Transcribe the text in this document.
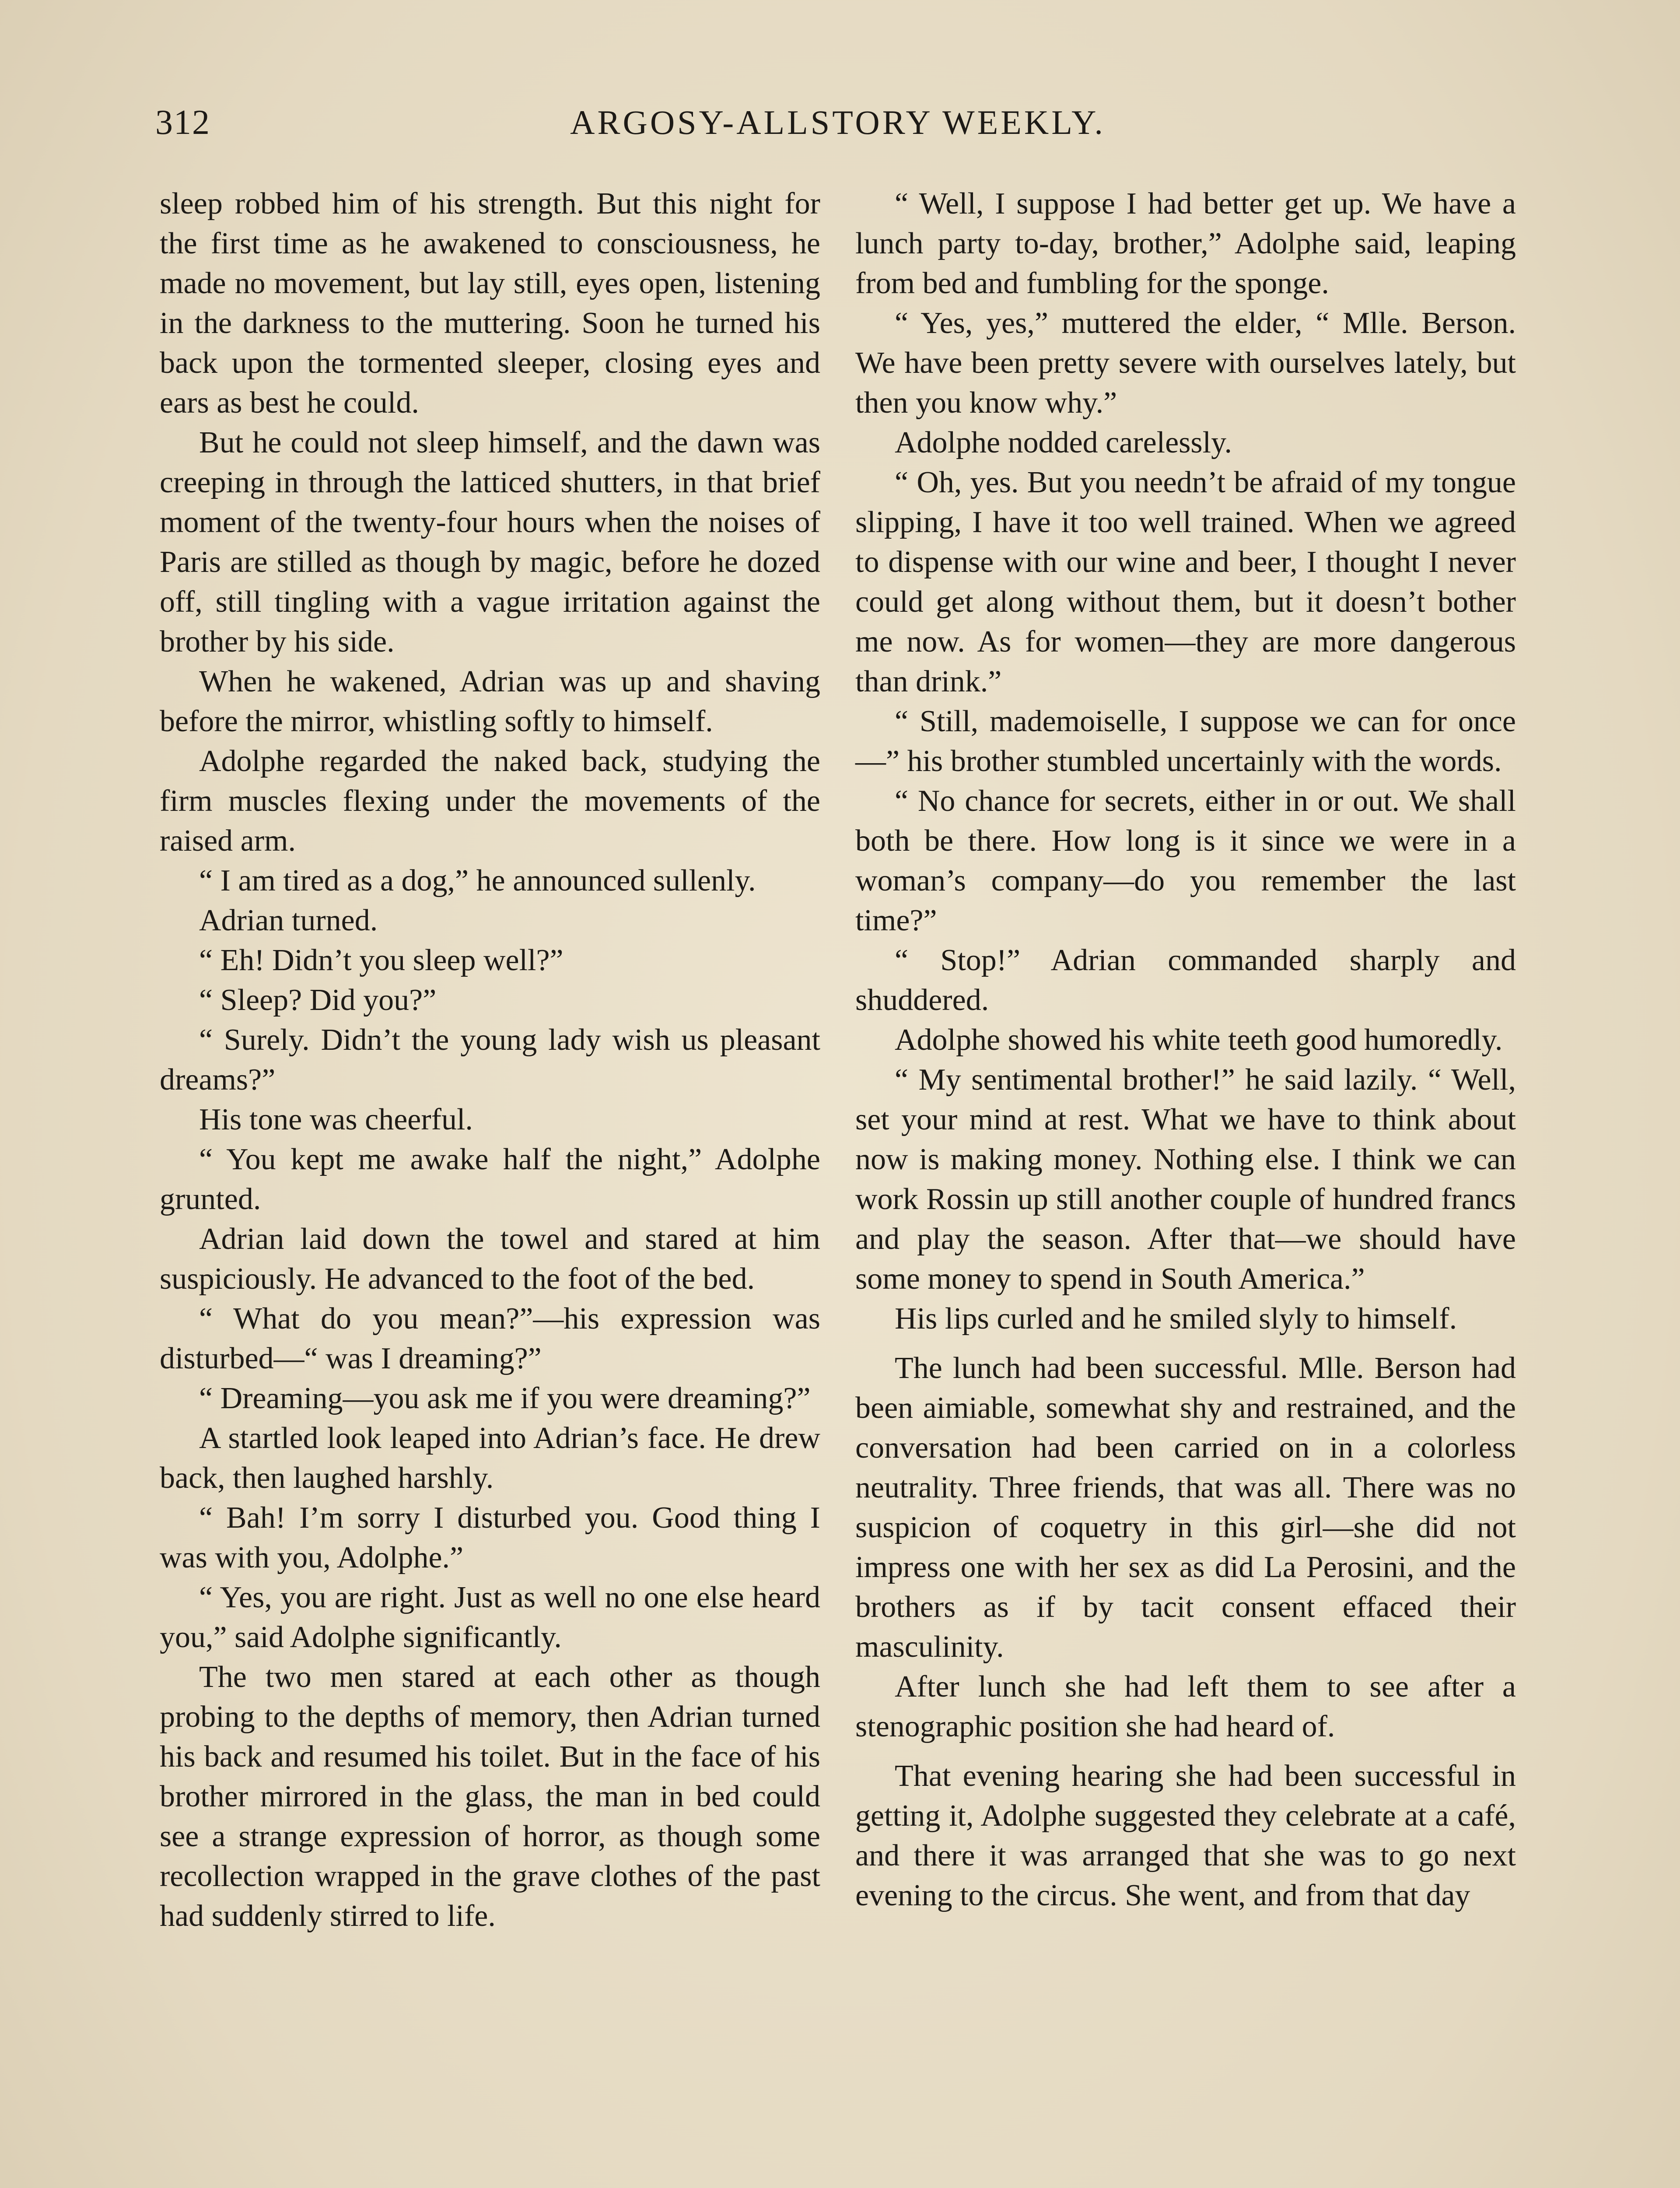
312	ARGOSY-ALLSTORY WEEKLY.

sleep robbed him of his strength. But this night for the first time as he awakened to consciousness, he made no movement, but lay still, eyes open, listening in the darkness to the muttering. Soon he turned his back upon the tormented sleeper, closing eyes and ears as best he could.

But he could not sleep himself, and the dawn was creeping in through the latticed shutters, in that brief moment of the twenty-four hours when the noises of Paris are stilled as though by magic, before he dozed off, still tingling with a vague irritation against the brother by his side.

When he wakened, Adrian was up and shaving before the mirror, whistling softly to himself.

Adolphe regarded the naked back, studying the firm muscles flexing under the movements of the raised arm.

“ I am tired as a dog,” he announced sullenly.

Adrian turned.

“ Eh! Didn’t you sleep well?”

“ Sleep? Did you?”

“ Surely. Didn’t the young lady wish us pleasant dreams?”

His tone was cheerful.

“ You kept me awake half the night,” Adolphe grunted.

Adrian laid down the towel and stared at him suspiciously. He advanced to the foot of the bed.

“ What do you mean?”—his expression was disturbed—“ was I dreaming?”

“ Dreaming—you ask me if you were dreaming?”

A startled look leaped into Adrian’s face. He drew back, then laughed harshly.

“ Bah! I’m sorry I disturbed you. Good thing I was with you, Adolphe.”

“ Yes, you are right. Just as well no one else heard you,” said Adolphe significantly.

The two men stared at each other as though probing to the depths of memory, then Adrian turned his back and resumed his toilet. But in the face of his brother mirrored in the glass, the man in bed could see a strange expression of horror, as though some recollection wrapped in the grave clothes of the past had suddenly stirred to life.

“ Well, I suppose I had better get up. We have a lunch party to-day, brother,” Adolphe said, leaping from bed and fumbling for the sponge.

“ Yes, yes,” muttered the elder, “ Mlle. Berson. We have been pretty severe with ourselves lately, but then you know why.”

Adolphe nodded carelessly.

“ Oh, yes. But you needn’t be afraid of my tongue slipping, I have it too well trained. When we agreed to dispense with our wine and beer, I thought I never could get along without them, but it doesn’t bother me now. As for women—they are more dangerous than drink.”

“ Still, mademoiselle, I suppose we can for once—” his brother stumbled uncertainly with the words.

“ No chance for secrets, either in or out. We shall both be there. How long is it since we were in a woman’s company—do you remember the last time?”

“ Stop!” Adrian commanded sharply and shuddered.

Adolphe showed his white teeth good humoredly.

“ My sentimental brother!” he said lazily. “ Well, set your mind at rest. What we have to think about now is making money. Nothing else. I think we can work Rossin up still another couple of hundred francs and play the season. After that—we should have some money to spend in South America.”

His lips curled and he smiled slyly to himself.

The lunch had been successful. Mlle. Berson had been aimiable, somewhat shy and restrained, and the conversation had been carried on in a colorless neutrality. Three friends, that was all. There was no suspicion of coquetry in this girl—she did not impress one with her sex as did La Perosini, and the brothers as if by tacit consent effaced their masculinity.

After lunch she had left them to see after a stenographic position she had heard of.

That evening hearing she had been successful in getting it, Adolphe suggested they celebrate at a café, and there it was arranged that she was to go next evening to the circus. She went, and from that day
